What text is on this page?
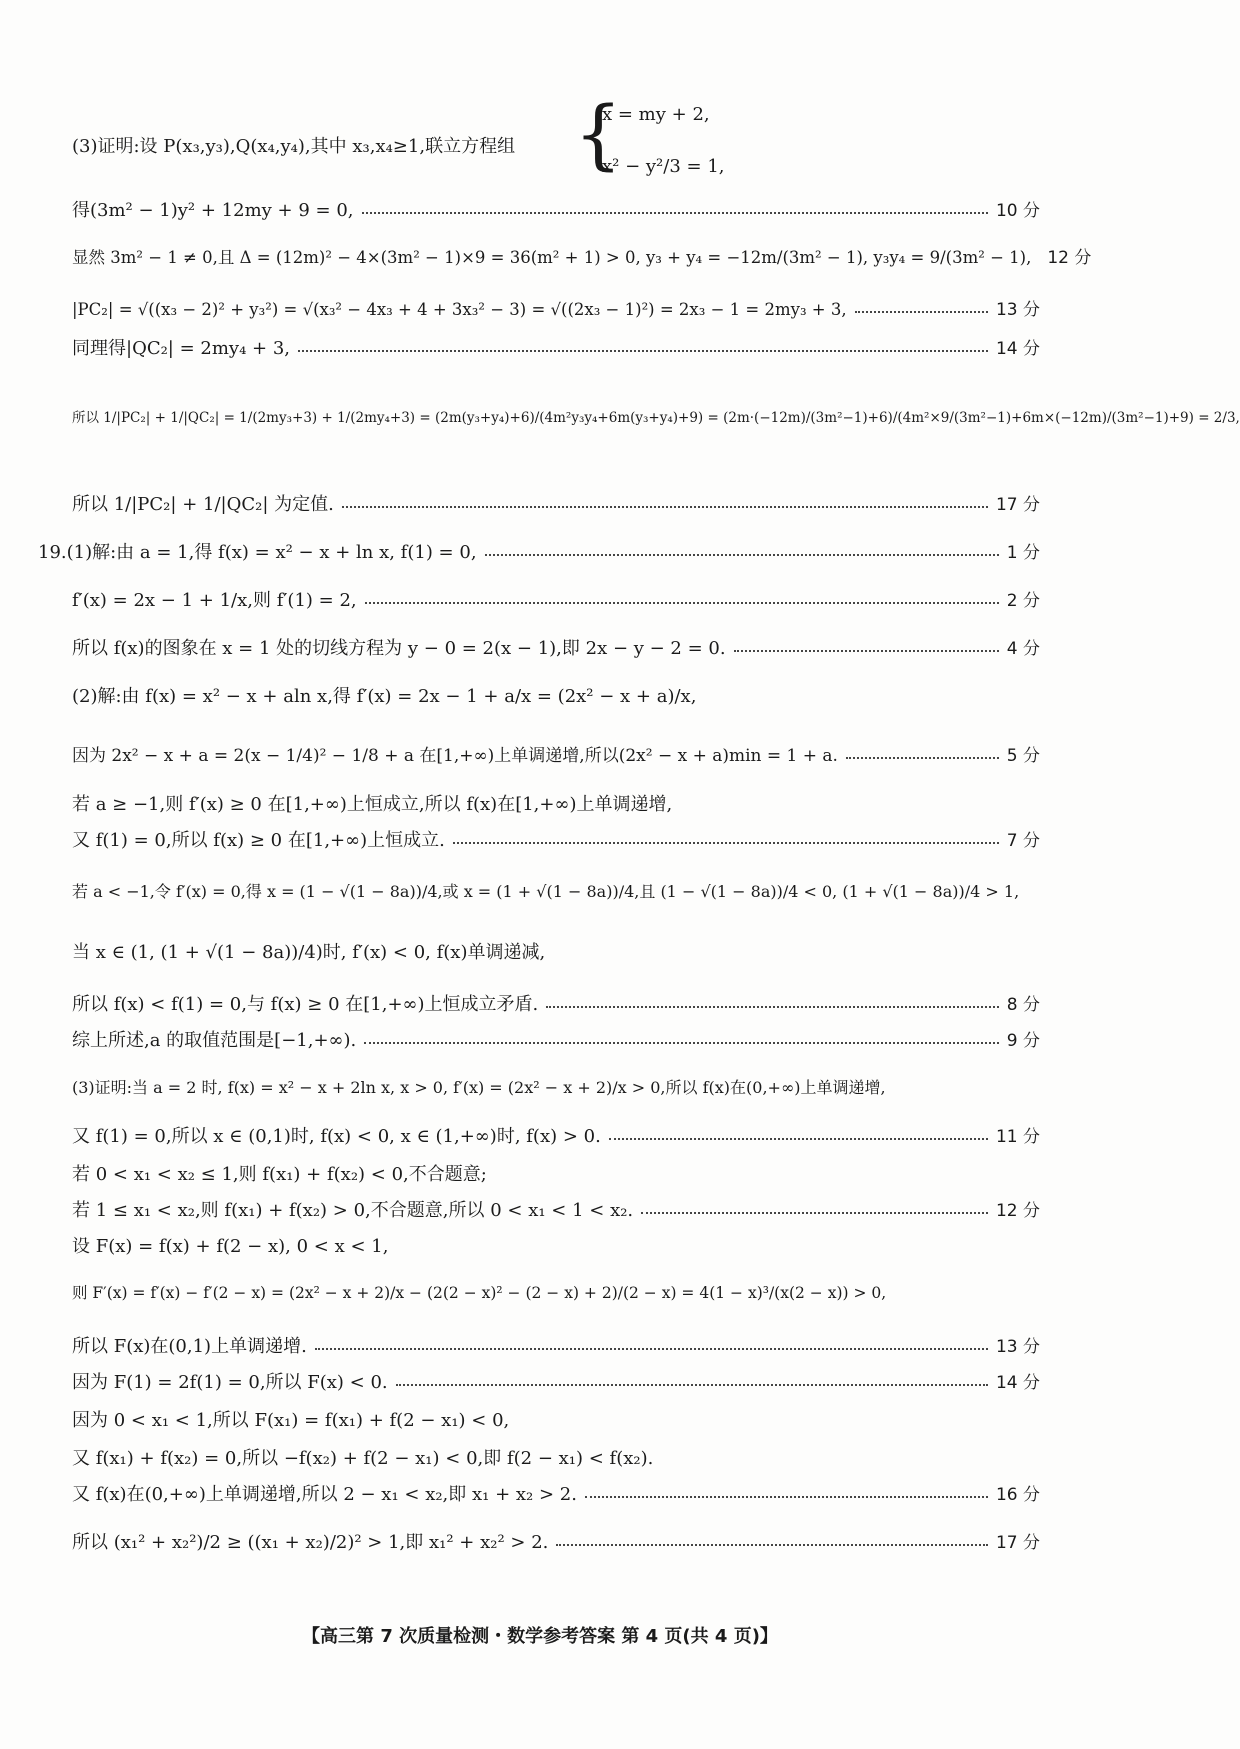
(3)证明:设 P(x₃,y₃),Q(x₄,y₄),其中 x₃,x₄≥1,联立方程组 {
x = my + 2,
x² − y²/3 = 1,
得(3m² − 1)y² + 12my + 9 = 0,	10 分
显然 3m² − 1 ≠ 0,且 Δ = (12m)² − 4×(3m² − 1)×9 = 36(m² + 1) > 0, y₃ + y₄ = −12m/(3m² − 1), y₃y₄ = 9/(3m² − 1), 12 分
|PC₂| = √((x₃ − 2)² + y₃²) = √(x₃² − 4x₃ + 4 + 3x₃² − 3) = √((2x₃ − 1)²) = 2x₃ − 1 = 2my₃ + 3,	13 分
同理得|QC₂| = 2my₄ + 3,	14 分
所以 1/|PC₂| + 1/|QC₂| = 1/(2my₃+3) + 1/(2my₄+3) = (2m(y₃+y₄)+6)/(4m²y₃y₄+6m(y₃+y₄)+9) = (2m·(−12m)/(3m²−1)+6)/(4m²×9/(3m²−1)+6m×(−12m)/(3m²−1)+9) = 2/3,
所以 1/|PC₂| + 1/|QC₂| 为定值.	17 分
19.(1)解:由 a = 1,得 f(x) = x² − x + ln x, f(1) = 0,	1 分
f′(x) = 2x − 1 + 1/x,则 f′(1) = 2,	2 分
所以 f(x)的图象在 x = 1 处的切线方程为 y − 0 = 2(x − 1),即 2x − y − 2 = 0.	4 分
(2)解:由 f(x) = x² − x + aln x,得 f′(x) = 2x − 1 + a/x = (2x² − x + a)/x,
因为 2x² − x + a = 2(x − 1/4)² − 1/8 + a 在[1,+∞)上单调递增,所以(2x² − x + a)min = 1 + a.	5 分
若 a ≥ −1,则 f′(x) ≥ 0 在[1,+∞)上恒成立,所以 f(x)在[1,+∞)上单调递增,
又 f(1) = 0,所以 f(x) ≥ 0 在[1,+∞)上恒成立.	7 分
若 a < −1,令 f′(x) = 0,得 x = (1 − √(1 − 8a))/4,或 x = (1 + √(1 − 8a))/4,且 (1 − √(1 − 8a))/4 < 0, (1 + √(1 − 8a))/4 > 1,
当 x ∈ (1, (1 + √(1 − 8a))/4)时, f′(x) < 0, f(x)单调递减,
所以 f(x) < f(1) = 0,与 f(x) ≥ 0 在[1,+∞)上恒成立矛盾.	8 分
综上所述,a 的取值范围是[−1,+∞).	9 分
(3)证明:当 a = 2 时, f(x) = x² − x + 2ln x, x > 0, f′(x) = (2x² − x + 2)/x > 0,所以 f(x)在(0,+∞)上单调递增,
又 f(1) = 0,所以 x ∈ (0,1)时, f(x) < 0, x ∈ (1,+∞)时, f(x) > 0.	11 分
若 0 < x₁ < x₂ ≤ 1,则 f(x₁) + f(x₂) < 0,不合题意;
若 1 ≤ x₁ < x₂,则 f(x₁) + f(x₂) > 0,不合题意,所以 0 < x₁ < 1 < x₂.	12 分
设 F(x) = f(x) + f(2 − x), 0 < x < 1,
则 F′(x) = f′(x) − f′(2 − x) = (2x² − x + 2)/x − (2(2 − x)² − (2 − x) + 2)/(2 − x) = 4(1 − x)³/(x(2 − x)) > 0,
所以 F(x)在(0,1)上单调递增.	13 分
因为 F(1) = 2f(1) = 0,所以 F(x) < 0.	14 分
因为 0 < x₁ < 1,所以 F(x₁) = f(x₁) + f(2 − x₁) < 0,
又 f(x₁) + f(x₂) = 0,所以 −f(x₂) + f(2 − x₁) < 0,即 f(2 − x₁) < f(x₂).
又 f(x)在(0,+∞)上单调递增,所以 2 − x₁ < x₂,即 x₁ + x₂ > 2.	16 分
所以 (x₁² + x₂²)/2 ≥ ((x₁ + x₂)/2)² > 1,即 x₁² + x₂² > 2.	17 分
【高三第 7 次质量检测・数学参考答案 第 4 页(共 4 页)】
